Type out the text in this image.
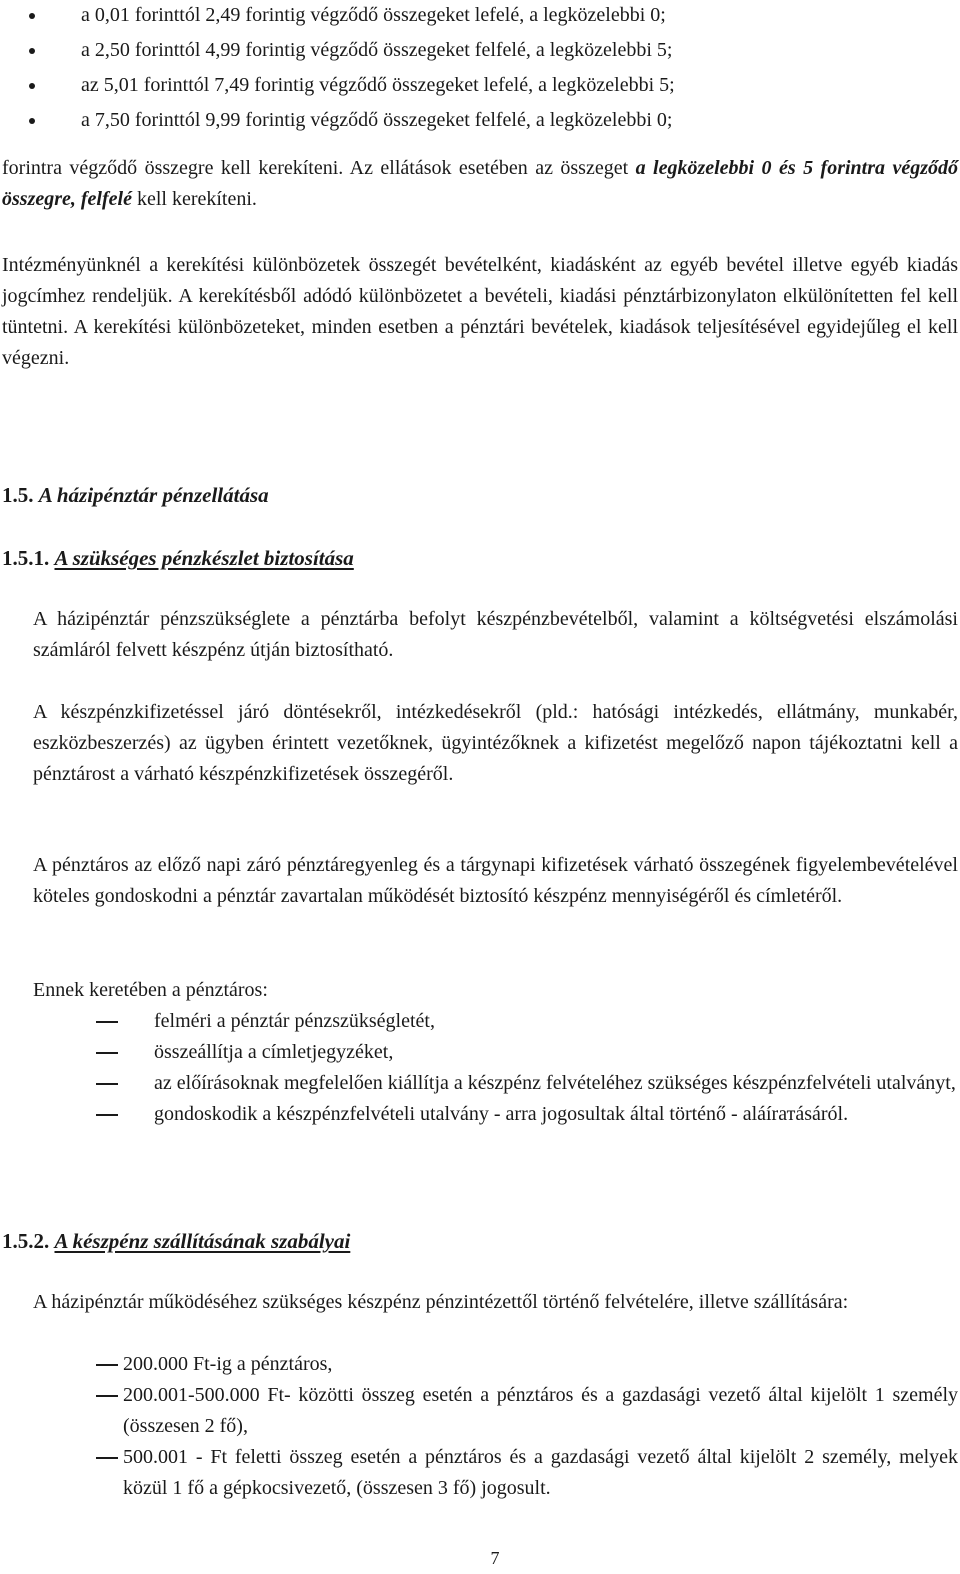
a 0,01 forinttól 2,49 forintig végződő összegeket lefelé, a legközelebbi 0;
a 2,50 forinttól 4,99 forintig végződő összegeket felfelé, a legközelebbi 5;
az 5,01 forinttól 7,49 forintig végződő összegeket lefelé, a legközelebbi 5;
a 7,50 forinttól 9,99 forintig végződő összegeket felfelé, a legközelebbi 0;

forintra végződő összegre kell kerekíteni. Az ellátások esetében az összeget a legközelebbi 0 és 5 forintra végződő összegre, felfelé kell kerekíteni.

Intézményünknél a kerekítési különbözetek összegét bevételként, kiadásként az egyéb bevétel illetve egyéb kiadás jogcímhez rendeljük. A kerekítésből adódó különbözetet a bevételi, kiadási pénztárbizonylaton elkülönítetten fel kell tüntetni. A kerekítési különbözeteket, minden esetben a pénztári bevételek, kiadások teljesítésével egyidejűleg el kell végezni.

1.5. A házipénztár pénzellátása
1.5.1. A szükséges pénzkészlet biztosítása

A házipénztár pénzszükséglete a pénztárba befolyt készpénzbevételből, valamint a költségvetési elszámolási számláról felvett készpénz útján biztosítható.

A készpénzkifizetéssel járó döntésekről, intézkedésekről (pld.: hatósági intézkedés, ellátmány, munkabér, eszközbeszerzés) az ügyben érintett vezetőknek, ügyintézőknek a kifizetést megelőző napon tájékoztatni kell a pénztárost a várható készpénzkifizetések összegéről.

A pénztáros az előző napi záró pénztáregyenleg és a tárgynapi kifizetések várható összegének figyelembevételével köteles gondoskodni a pénztár zavartalan működését biztosító készpénz mennyiségéről és címletéről.

Ennek keretében a pénztáros:

felméri a pénztár pénzszükségletét,
összeállítja a címletjegyzéket,
az előírásoknak megfelelően kiállítja a készpénz felvételéhez szükséges készpénzfelvételi utalványt,
gondoskodik a készpénzfelvételi utalvány - arra jogosultak által történő - aláírатásáról.
1.5.2. A készpénz szállításának szabályai

A házipénztár működéséhez szükséges készpénz pénzintézettől történő felvételére, illetve szállítására:

200.000 Ft-ig a pénztáros,
200.001-500.000 Ft- közötti összeg esetén a pénztáros és a gazdasági vezető által kijelölt 1 személy (összesen 2 fő),
500.001 - Ft feletti összeg esetén a pénztáros és a gazdasági vezető által kijelölt 2 személy, melyek közül 1 fő a gépkocsivezető, (összesen 3 fő) jogosult.
7
